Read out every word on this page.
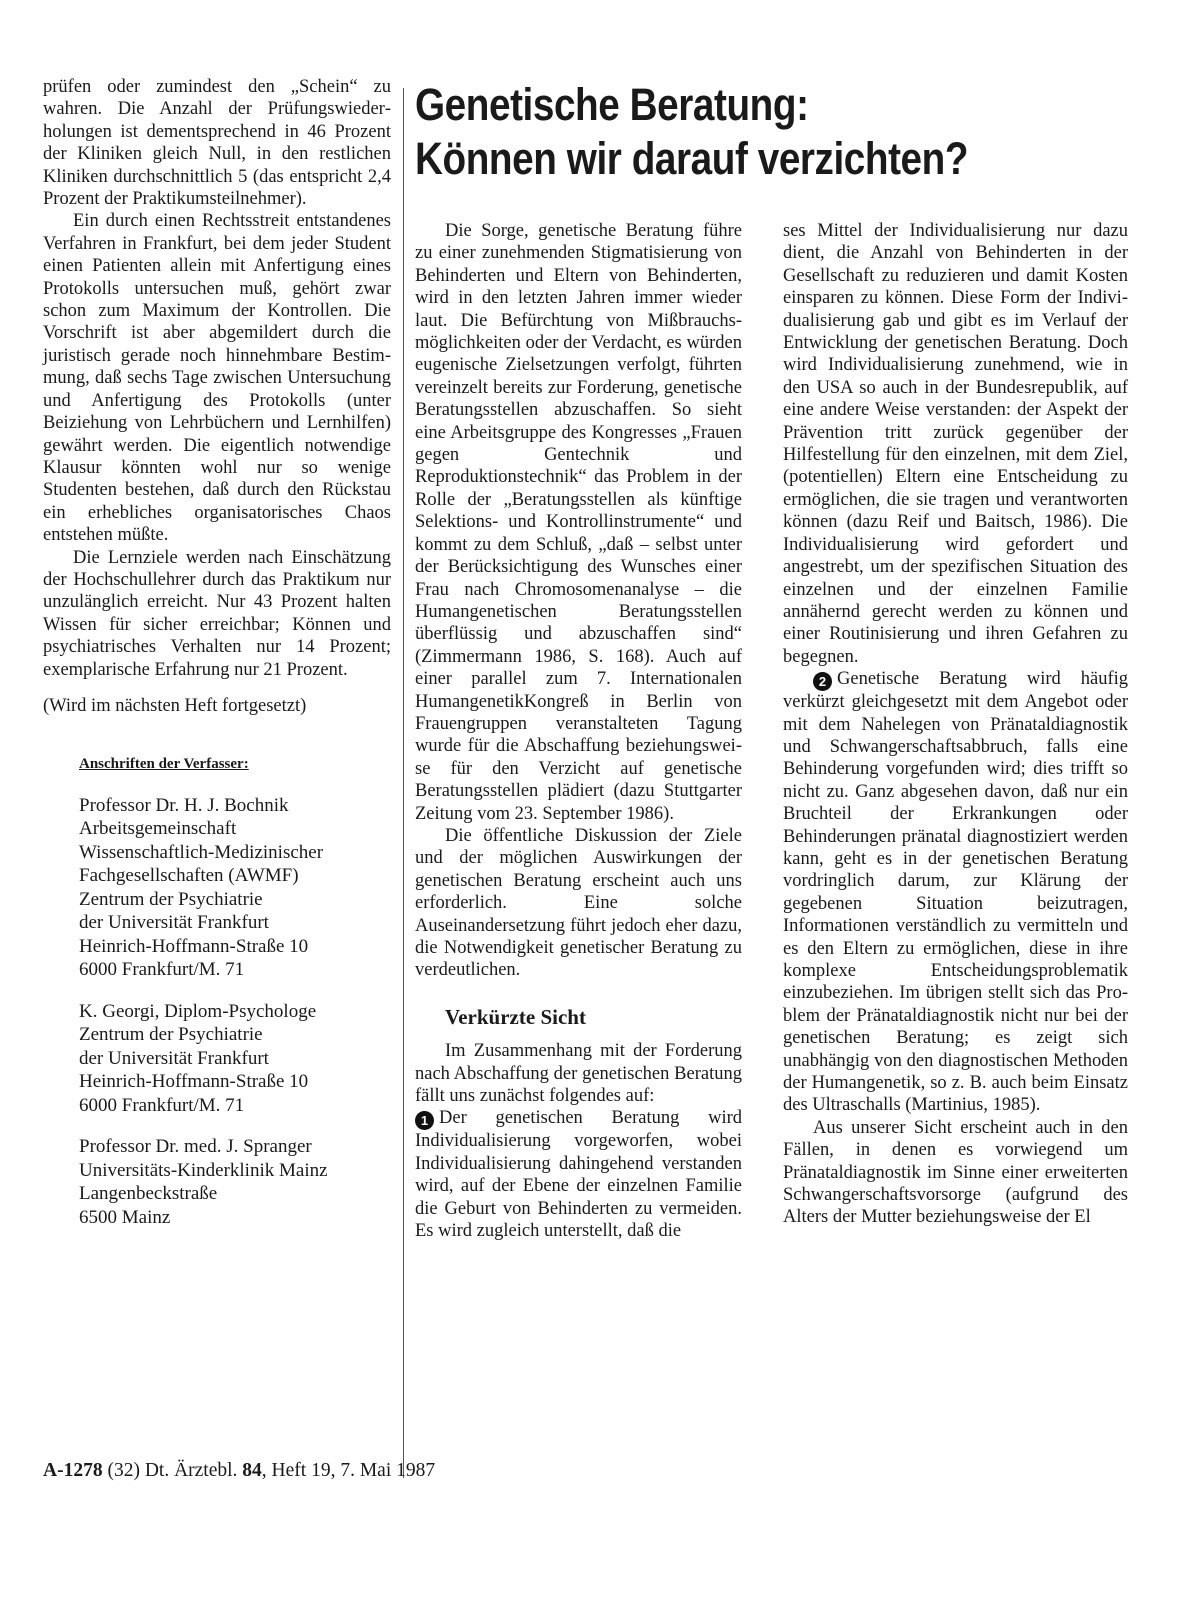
Genetische Beratung:
Können wir darauf verzichten?

prüfen oder zumindest den „Schein“ zu wahren. Die Anzahl der Prüfungswiederholungen ist dementsprechend in 46 Prozent der Kliniken gleich Null, in den restlichen Kliniken durchschnittlich 5 (das entspricht 2,4 Prozent der Praktikumsteilnehmer).

Ein durch einen Rechtsstreit entstandenes Verfahren in Frankfurt, bei dem jeder Student einen Patienten allein mit Anfertigung eines Protokolls untersuchen muß, gehört zwar schon zum Maximum der Kontrollen. Die Vorschrift ist aber abgemildert durch die juristisch gerade noch hinnehmbare Bestimmung, daß sechs Tage zwischen Untersuchung und Anfertigung des Protokolls (unter Beiziehung von Lehrbüchern und Lernhilfen) gewährt werden. Die eigentlich notwendige Klausur könnten wohl nur so wenige Studenten bestehen, daß durch den Rückstau ein erhebliches organisatorisches Chaos entstehen müßte.

Die Lernziele werden nach Einschätzung der Hochschullehrer durch das Praktikum nur unzulänglich erreicht. Nur 43 Prozent halten Wissen für sicher erreichbar; Können und psychiatrisches Verhalten nur 14 Prozent; exemplarische Erfahrung nur 21 Prozent.

(Wird im nächsten Heft fortgesetzt)

Anschriften der Verfasser:

Professor Dr. H. J. Bochnik
Arbeitsgemeinschaft
Wissenschaftlich-Medizinischer
Fachgesellschaften (AWMF)
Zentrum der Psychiatrie
der Universität Frankfurt
Heinrich-Hoffmann-Straße 10
6000 Frankfurt/M. 71
K. Georgi, Diplom-Psychologe
Zentrum der Psychiatrie
der Universität Frankfurt
Heinrich-Hoffmann-Straße 10
6000 Frankfurt/M. 71
Professor Dr. med. J. Spranger
Universitäts-Kinderklinik Mainz
Langenbeckstraße
6500 Mainz

Die Sorge, genetische Beratung führe zu einer zunehmenden Stigmatisierung von Behinderten und Eltern von Behinderten, wird in den letzten Jahren immer wieder laut. Die Befürchtung von Mißbrauchsmöglichkeiten oder der Verdacht, es würden eugenische Zielsetzungen verfolgt, führten vereinzelt bereits zur Forderung, genetische Beratungsstellen abzuschaffen. So sieht eine Arbeitsgruppe des Kongresses „Frauen gegen Gentechnik und Reproduktionstechnik“ das Problem in der Rolle der „Beratungsstellen als künftige Selektions- und Kontrollinstrumente“ und kommt zu dem Schluß, „daß – selbst unter der Berücksichtigung des Wunsches einer Frau nach Chromosomenanalyse – die Humangenetischen Beratungsstellen überflüssig und abzuschaffen sind“ (Zimmermann 1986, S. 168). Auch auf einer parallel zum 7. Internationalen HumangenetikKongreß in Berlin von Frauengruppen veranstalteten Tagung wurde für die Abschaffung beziehungsweise für den Verzicht auf genetische Beratungsstellen plädiert (dazu Stuttgarter Zeitung vom 23. September 1986).

Die öffentliche Diskussion der Ziele und der möglichen Auswirkungen der genetischen Beratung erscheint auch uns erforderlich. Eine solche Auseinandersetzung führt jedoch eher dazu, die Notwendigkeit genetischer Beratung zu verdeutlichen.

Verkürzte Sicht

Im Zusammenhang mit der Forderung nach Abschaffung der genetischen Beratung fällt uns zunächst folgendes auf:

1 Der genetischen Beratung wird Individualisierung vorgeworfen, wobei Individualisierung dahingehend verstanden wird, auf der Ebene der einzelnen Familie die Geburt von Behinderten zu vermeiden. Es wird zugleich unterstellt, daß die

ses Mittel der Individualisierung nur dazu dient, die Anzahl von Behinderten in der Gesellschaft zu reduzieren und damit Kosten einsparen zu können. Diese Form der Individualisierung gab und gibt es im Verlauf der Entwicklung der genetischen Beratung. Doch wird Individualisierung zunehmend, wie in den USA so auch in der Bundesrepublik, auf eine andere Weise verstanden: der Aspekt der Prävention tritt zurück gegenüber der Hilfestellung für den einzelnen, mit dem Ziel, (potentiellen) Eltern eine Entscheidung zu ermöglichen, die sie tragen und verantworten können (dazu Reif und Baitsch, 1986). Die Individualisierung wird gefordert und angestrebt, um der spezifischen Situation des einzelnen und der einzelnen Familie annähernd gerecht werden zu können und einer Routinisierung und ihren Gefahren zu begegnen.

2 Genetische Beratung wird häufig verkürzt gleichgesetzt mit dem Angebot oder mit dem Nahelegen von Pränataldiagnostik und Schwangerschaftsabbruch, falls eine Behinderung vorgefunden wird; dies trifft so nicht zu. Ganz abgesehen davon, daß nur ein Bruchteil der Erkrankungen oder Behinderungen pränatal diagnostiziert werden kann, geht es in der genetischen Beratung vordringlich darum, zur Klärung der gegebenen Situation beizutragen, Informationen verständlich zu vermitteln und es den Eltern zu ermöglichen, diese in ihre komplexe Entscheidungsproblematik einzubeziehen. Im übrigen stellt sich das Problem der Pränataldiagnostik nicht nur bei der genetischen Beratung; es zeigt sich unabhängig von den diagnostischen Methoden der Humangenetik, so z. B. auch beim Einsatz des Ultraschalls (Martinius, 1985).

Aus unserer Sicht erscheint auch in den Fällen, in denen es vorwiegend um Pränataldiagnostik im Sinne einer erweiterten Schwangerschaftsvorsorge (aufgrund des Alters der Mutter beziehungsweise der El

A-1278 (32) Dt. Ärztebl. 84, Heft 19, 7. Mai 1987
